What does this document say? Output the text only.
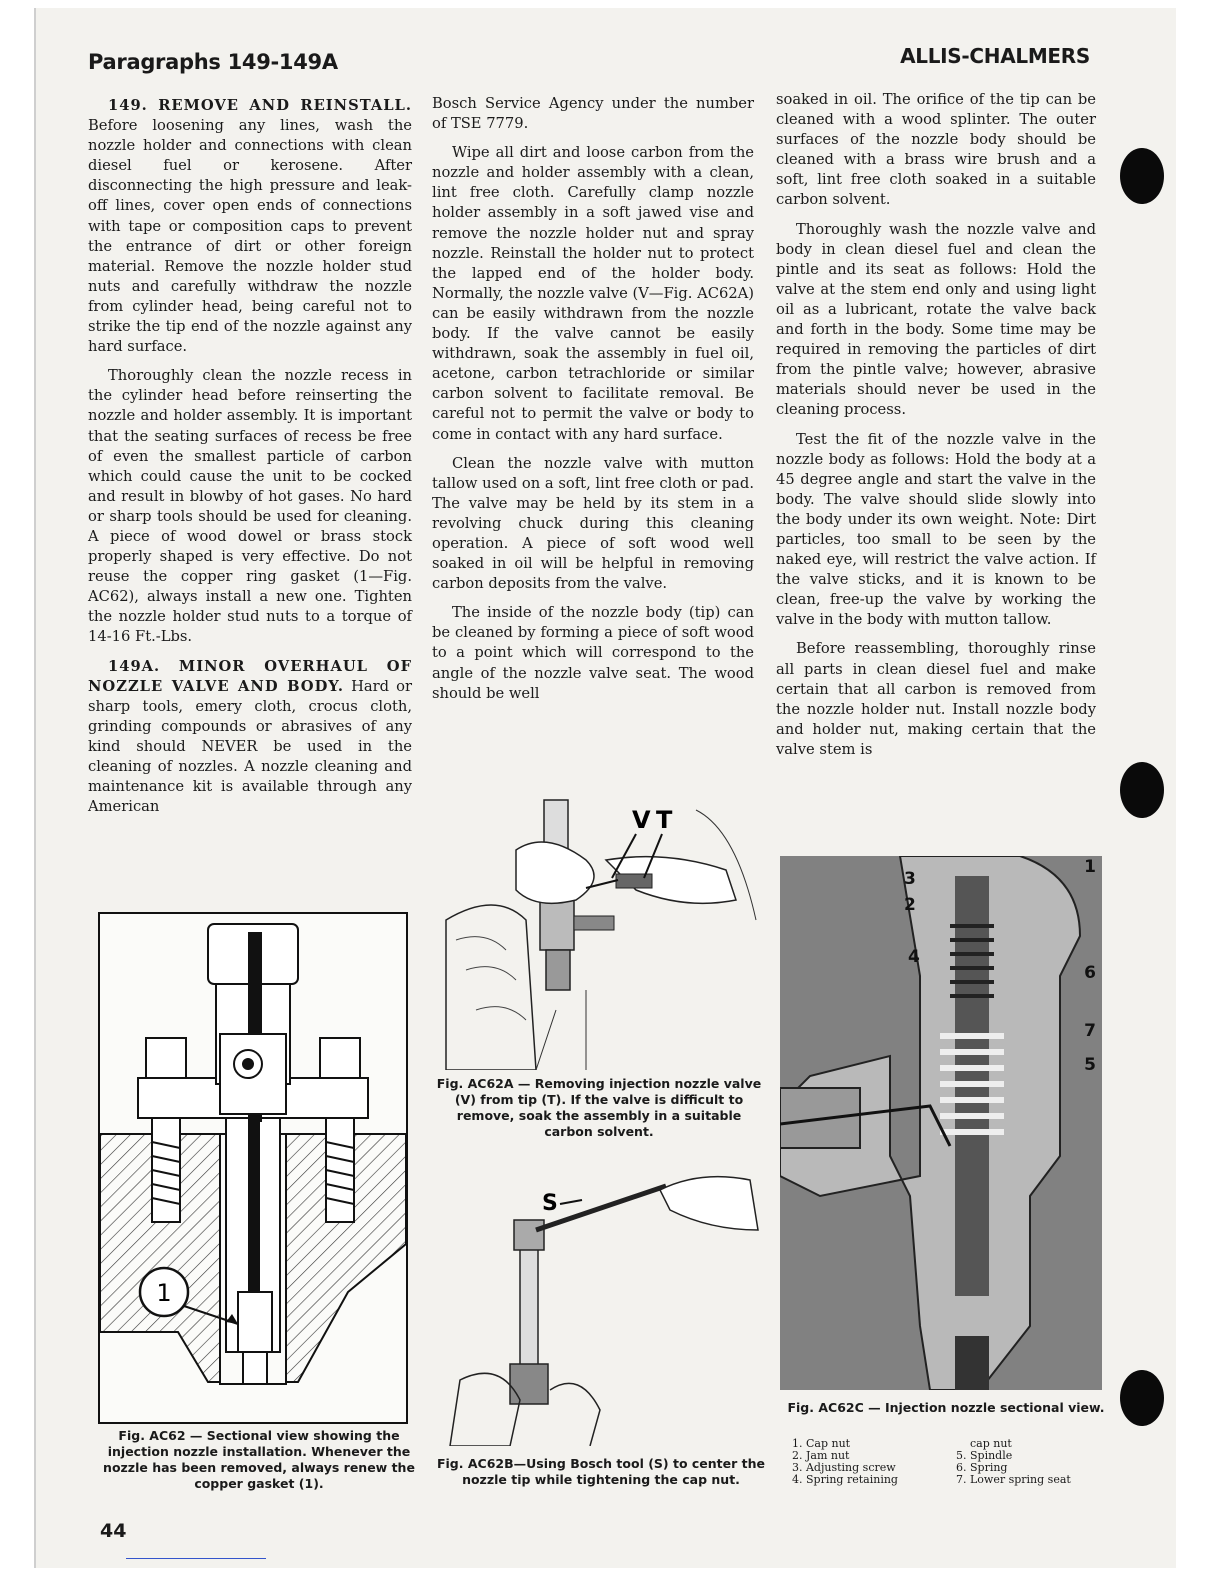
Paragraphs 149-149A	ALLIS-CHALMERS

149. REMOVE AND REINSTALL. Before loosening any lines, wash the nozzle holder and connections with clean diesel fuel or kerosene. After disconnecting the high pressure and leak-off lines, cover open ends of connections with tape or composition caps to prevent the entrance of dirt or other foreign material. Remove the nozzle holder stud nuts and carefully withdraw the nozzle from cylinder head, being careful not to strike the tip end of the nozzle against any hard surface.

Thoroughly clean the nozzle recess in the cylinder head before reinserting the nozzle and holder assembly. It is important that the seating surfaces of recess be free of even the smallest particle of carbon which could cause the unit to be cocked and result in blowby of hot gases. No hard or sharp tools should be used for cleaning. A piece of wood dowel or brass stock properly shaped is very effective. Do not reuse the copper ring gasket (1—Fig. AC62), always install a new one. Tighten the nozzle holder stud nuts to a torque of 14-16 Ft.-Lbs.

149A. MINOR OVERHAUL OF NOZZLE VALVE AND BODY. Hard or sharp tools, emery cloth, crocus cloth, grinding compounds or abrasives of any kind should NEVER be used in the cleaning of nozzles. A nozzle cleaning and maintenance kit is available through any American

Bosch Service Agency under the number of TSE 7779.

Wipe all dirt and loose carbon from the nozzle and holder assembly with a clean, lint free cloth. Carefully clamp nozzle holder assembly in a soft jawed vise and remove the nozzle holder nut and spray nozzle. Reinstall the holder nut to protect the lapped end of the holder body. Normally, the nozzle valve (V—Fig. AC62A) can be easily withdrawn from the nozzle body. If the valve cannot be easily withdrawn, soak the assembly in fuel oil, acetone, carbon tetrachloride or similar carbon solvent to facilitate removal. Be careful not to permit the valve or body to come in contact with any hard surface.

Clean the nozzle valve with mutton tallow used on a soft, lint free cloth or pad. The valve may be held by its stem in a revolving chuck during this cleaning operation. A piece of soft wood well soaked in oil will be helpful in removing carbon deposits from the valve.

The inside of the nozzle body (tip) can be cleaned by forming a piece of soft wood to a point which will correspond to the angle of the nozzle valve seat. The wood should be well

soaked in oil. The orifice of the tip can be cleaned with a wood splinter. The outer surfaces of the nozzle body should be cleaned with a brass wire brush and a soft, lint free cloth soaked in a suitable carbon solvent.

Thoroughly wash the nozzle valve and body in clean diesel fuel and clean the pintle and its seat as follows: Hold the valve at the stem end only and using light oil as a lubricant, rotate the valve back and forth in the body. Some time may be required in removing the particles of dirt from the pintle valve; however, abrasive materials should never be used in the cleaning process.

Test the fit of the nozzle valve in the nozzle body as follows: Hold the body at a 45 degree angle and start the valve in the body. The valve should slide slowly into the body under its own weight. Note: Dirt particles, too small to be seen by the naked eye, will restrict the valve action. If the valve sticks, and it is known to be clean, free-up the valve by working the valve in the body with mutton tallow.

Before reassembling, thoroughly rinse all parts in clean diesel fuel and make certain that all carbon is removed from the nozzle holder nut. Install nozzle body and holder nut, making certain that the valve stem is

1
Fig. AC62 — Sectional view showing the injection nozzle installation. Whenever the nozzle has been removed, always renew the copper gasket (1).
V T
Fig. AC62A — Removing injection nozzle valve (V) from tip (T). If the valve is difficult to remove, soak the assembly in a suitable carbon solvent.
S
Fig. AC62B—Using Bosch tool (S) to center the nozzle tip while tightening the cap nut.
1
2
3
4
5
6
7
Fig. AC62C — Injection nozzle sectional view.
1. Cap nut
2. Jam nut
3. Adjusting screw
4. Spring retaining
cap nut
5. Spindle
6. Spring
7. Lower spring seat
44
